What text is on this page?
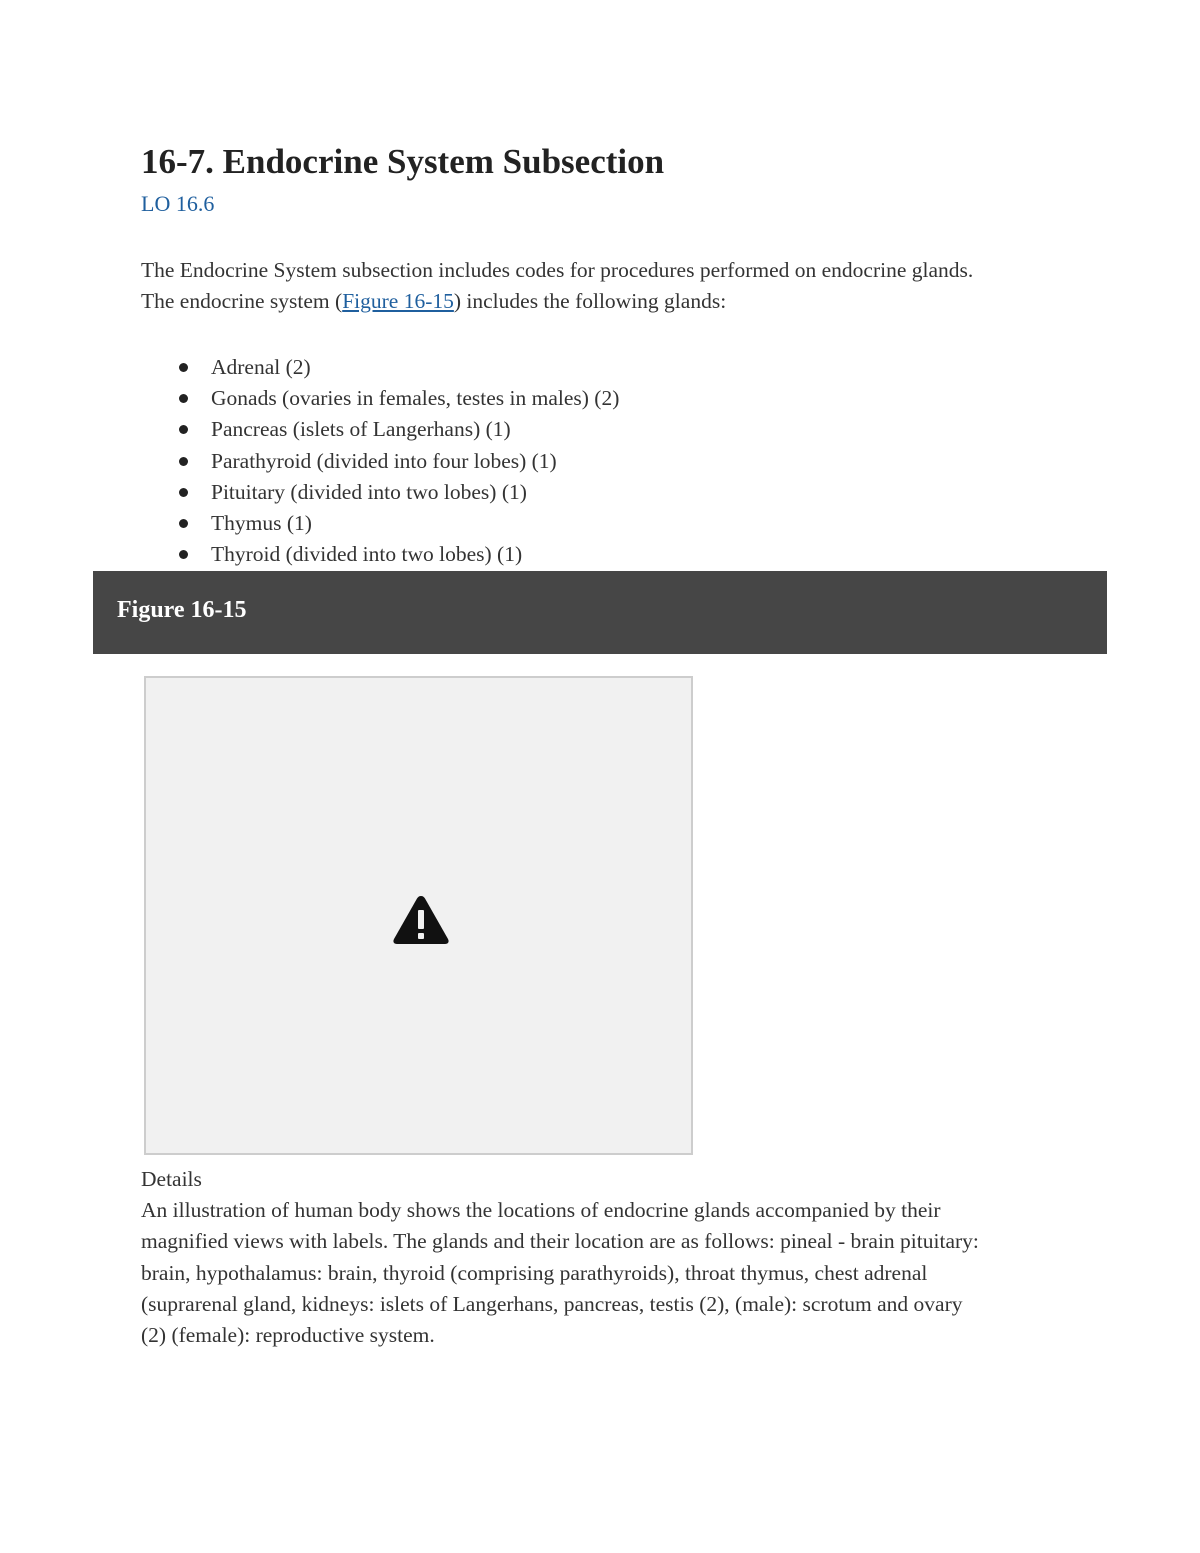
16-7. Endocrine System Subsection
LO 16.6
The Endocrine System subsection includes codes for procedures performed on endocrine glands.
The endocrine system (Figure 16-15) includes the following glands:
Adrenal (2)
Gonads (ovaries in females, testes in males) (2)
Pancreas (islets of Langerhans) (1)
Parathyroid (divided into four lobes) (1)
Pituitary (divided into two lobes) (1)
Thymus (1)
Thyroid (divided into two lobes) (1)
Figure 16-15
Details
An illustration of human body shows the locations of endocrine glands accompanied by their
magnified views with labels. The glands and their location are as follows: pineal - brain pituitary:
brain, hypothalamus: brain, thyroid (comprising parathyroids), throat thymus, chest adrenal
(suprarenal gland, kidneys: islets of Langerhans, pancreas, testis (2), (male): scrotum and ovary
(2) (female): reproductive system.
